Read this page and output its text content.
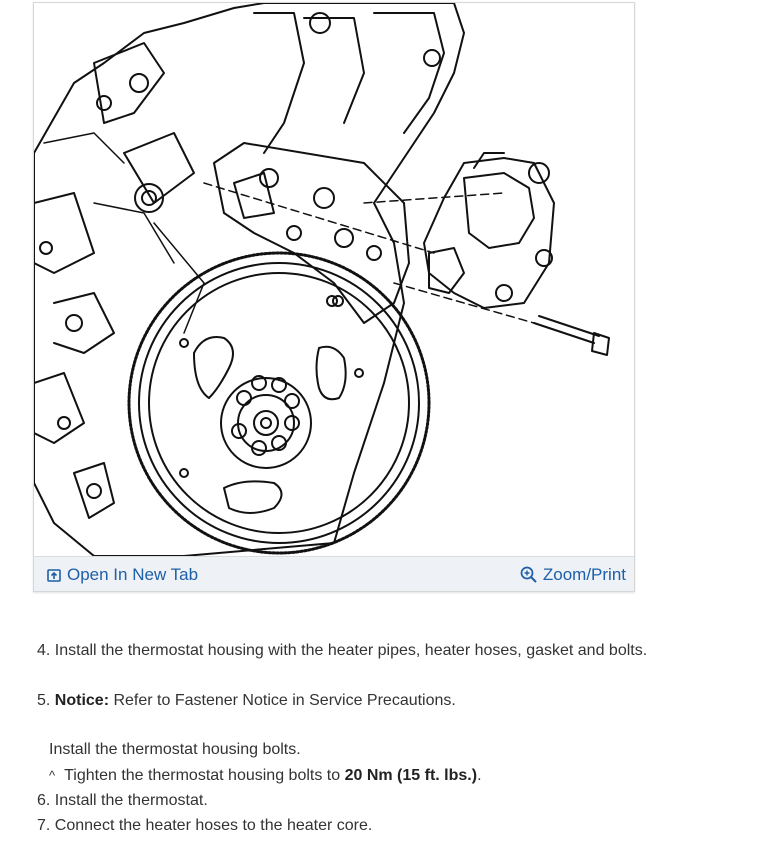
Open In New Tab	Zoom/Print
4. Install the thermostat housing with the heater pipes, heater hoses, gasket and bolts.
5. Notice: Refer to Fastener Notice in Service Precautions.
Install the thermostat housing bolts.
^ Tighten the thermostat housing bolts to 20 Nm (15 ft. lbs.).
6. Install the thermostat.
7. Connect the heater hoses to the heater core.
